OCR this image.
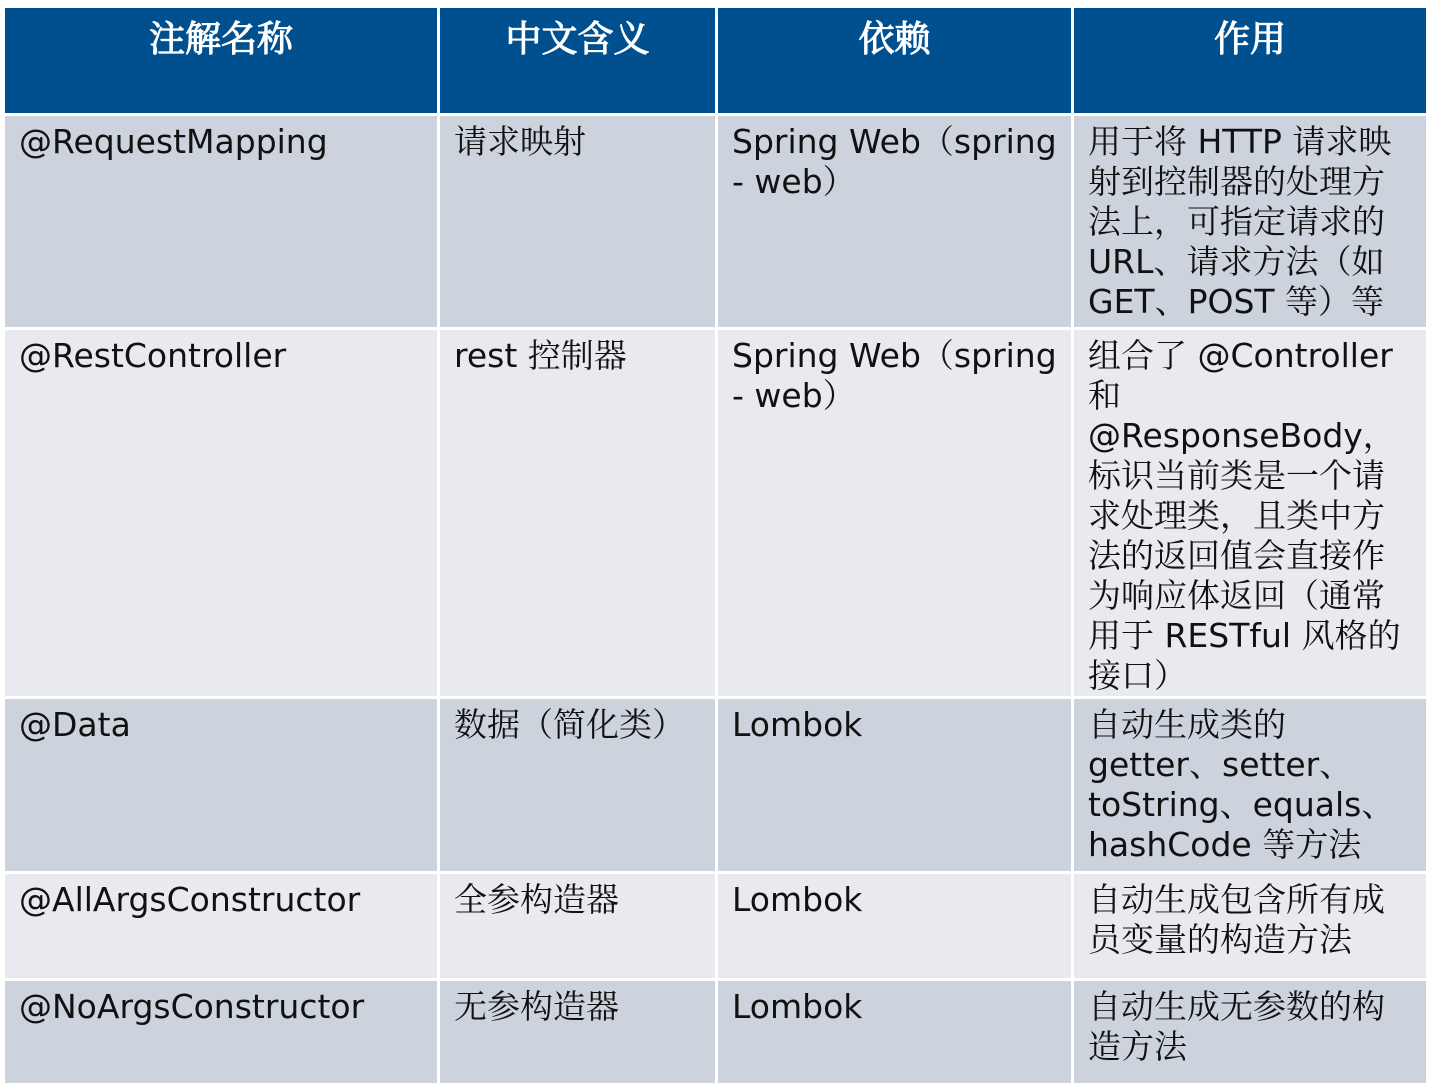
注解名称	中文含义	依赖	作用
@RequestMapping	请求映射	Spring Web（spring - web）	用于将 HTTP 请求映射到控制器的处理方法上，可指定请求的 URL、请求方法（如 GET、POST 等）等
@RestController	rest 控制器	Spring Web（spring - web）	组合了 @Controller 和 @ResponseBody，标识当前类是一个请求处理类，且类中方法的返回值会直接作为响应体返回（通常用于 RESTful 风格的接口）
@Data	数据（简化类）	Lombok	自动生成类的 getter、setter、toString、equals、hashCode 等方法
@AllArgsConstructor	全参构造器	Lombok	自动生成包含所有成员变量的构造方法
@NoArgsConstructor	无参构造器	Lombok	自动生成无参数的构造方法
